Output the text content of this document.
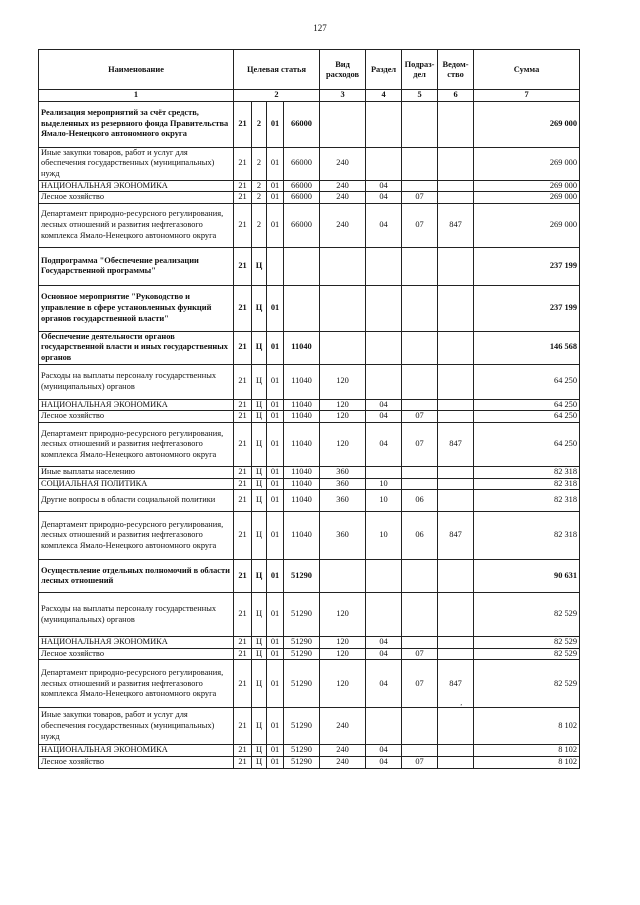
127
Наименование	Целевая статья				Вид расходов	Раздел	Подраз-дел	Ведом-ство	Сумма
1	2				3	4	5	6	7
Реализация мероприятий за счёт средств, выделенных из резервного фонда Правительства Ямало-Ненецкого автономного округа	21	2	01	66000					269 000
Иные закупки товаров, работ и услуг для обеспечения государственных (муниципальных) нужд	21	2	01	66000	240				269 000
НАЦИОНАЛЬНАЯ ЭКОНОМИКА	21	2	01	66000	240	04			269 000
Лесное хозяйство	21	2	01	66000	240	04	07		269 000
Департамент природно-ресурсного регулирования, лесных отношений и развития нефтегазового комплекса Ямало-Ненецкого автономного округа	21	2	01	66000	240	04	07	847	269 000
Подпрограмма "Обеспечение реализации Государственной программы"	21	Ц							237 199
Основное мероприятие "Руководство и управление в сфере установленных функций органов государственной власти"	21	Ц	01						237 199
Обеспечение деятельности органов государственной власти и иных государственных органов	21	Ц	01	11040					146 568
Расходы на выплаты персоналу государственных (муниципальных) органов	21	Ц	01	11040	120				64 250
НАЦИОНАЛЬНАЯ ЭКОНОМИКА	21	Ц	01	11040	120	04			64 250
Лесное хозяйство	21	Ц	01	11040	120	04	07		64 250
Департамент природно-ресурсного регулирования, лесных отношений и развития нефтегазового комплекса Ямало-Ненецкого автономного округа	21	Ц	01	11040	120	04	07	847	64 250
Иные выплаты населению	21	Ц	01	11040	360				82 318
СОЦИАЛЬНАЯ ПОЛИТИКА	21	Ц	01	11040	360	10			82 318
Другие вопросы в области социальной политики	21	Ц	01	11040	360	10	06		82 318
Департамент природно-ресурсного регулирования, лесных отношений и развития нефтегазового комплекса Ямало-Ненецкого автономного округа	21	Ц	01	11040	360	10	06	847	82 318
Осуществление отдельных полномочий в области лесных отношений	21	Ц	01	51290					90 631
Расходы на выплаты персоналу государственных (муниципальных) органов	21	Ц	01	51290	120				82 529
НАЦИОНАЛЬНАЯ ЭКОНОМИКА	21	Ц	01	51290	120	04			82 529
Лесное хозяйство	21	Ц	01	51290	120	04	07		82 529
Департамент природно-ресурсного регулирования, лесных отношений и развития нефтегазового комплекса Ямало-Ненецкого автономного округа	21	Ц	01	51290	120	04	07	847	82 529
Иные закупки товаров, работ и услуг для обеспечения государственных (муниципальных) нужд	21	Ц	01	51290	240				8 102
НАЦИОНАЛЬНАЯ ЭКОНОМИКА	21	Ц	01	51290	240	04			8 102
Лесное хозяйство	21	Ц	01	51290	240	04	07		8 102
‚
